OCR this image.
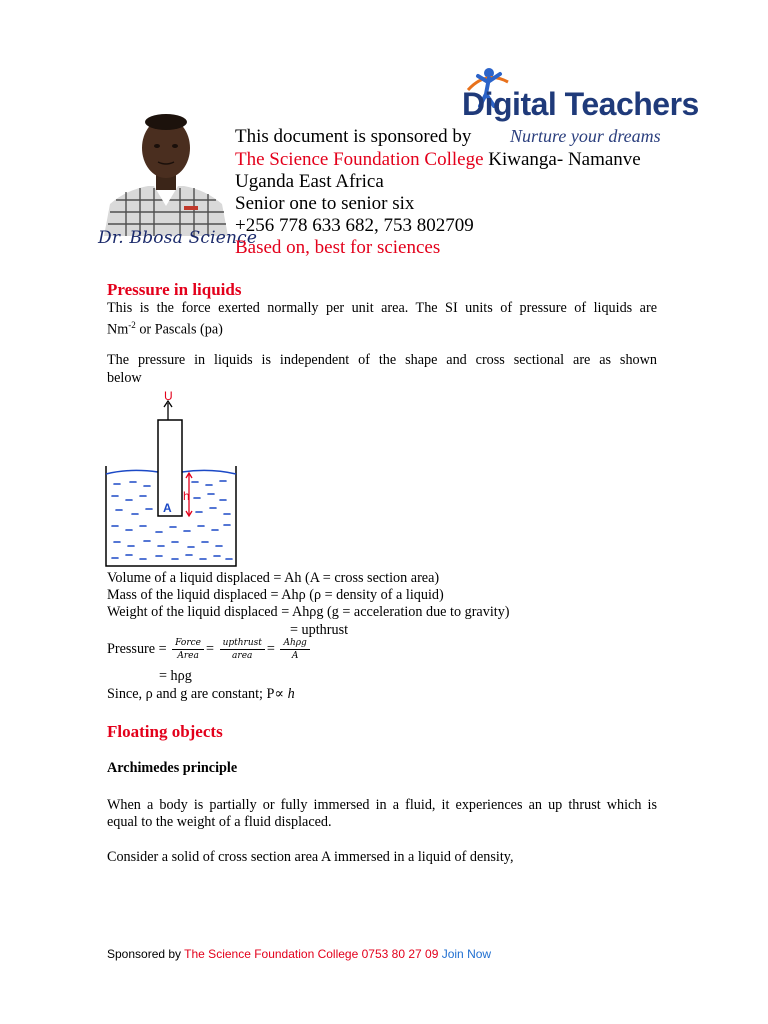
Dr. Bbosa Science
Digital Teachers
Nurture your dreams
This document is sponsored by
The Science Foundation College Kiwanga- Namanve
Uganda East Africa
Senior one to senior six
+256 778 633 682, 753 802709
Based on, best for sciences
Pressure in liquids
This is the force exerted normally per unit area. The SI units of pressure of liquids are
$Nm^{-2}$ or Pascals (pa)
The pressure in liquids is independent of the shape and cross sectional are as shown
below
U
h
A
Volume of a liquid displaced = Ah (A = cross section area)
Mass of the liquid displaced = Ahρ (ρ = density of a liquid)
Weight of the liquid displaced = Ahρg (g = acceleration due to gravity)
= upthrust
Pressure = $\frac{\text{Force}}{\text{Area}} = \frac{\text{upthrust}}{\text{area}} = \frac{\text{Ahρg}}{A}$
= hρg
Since, ρ and g are constant; P∝ h
Floating objects
Archimedes principle
When a body is partially or fully immersed in a fluid, it experiences an up thrust which is
equal to the weight of a fluid displaced.
Consider a solid of cross section area A immersed in a liquid of density,
Sponsored by The Science Foundation College 0753 80 27 09 Join Now
